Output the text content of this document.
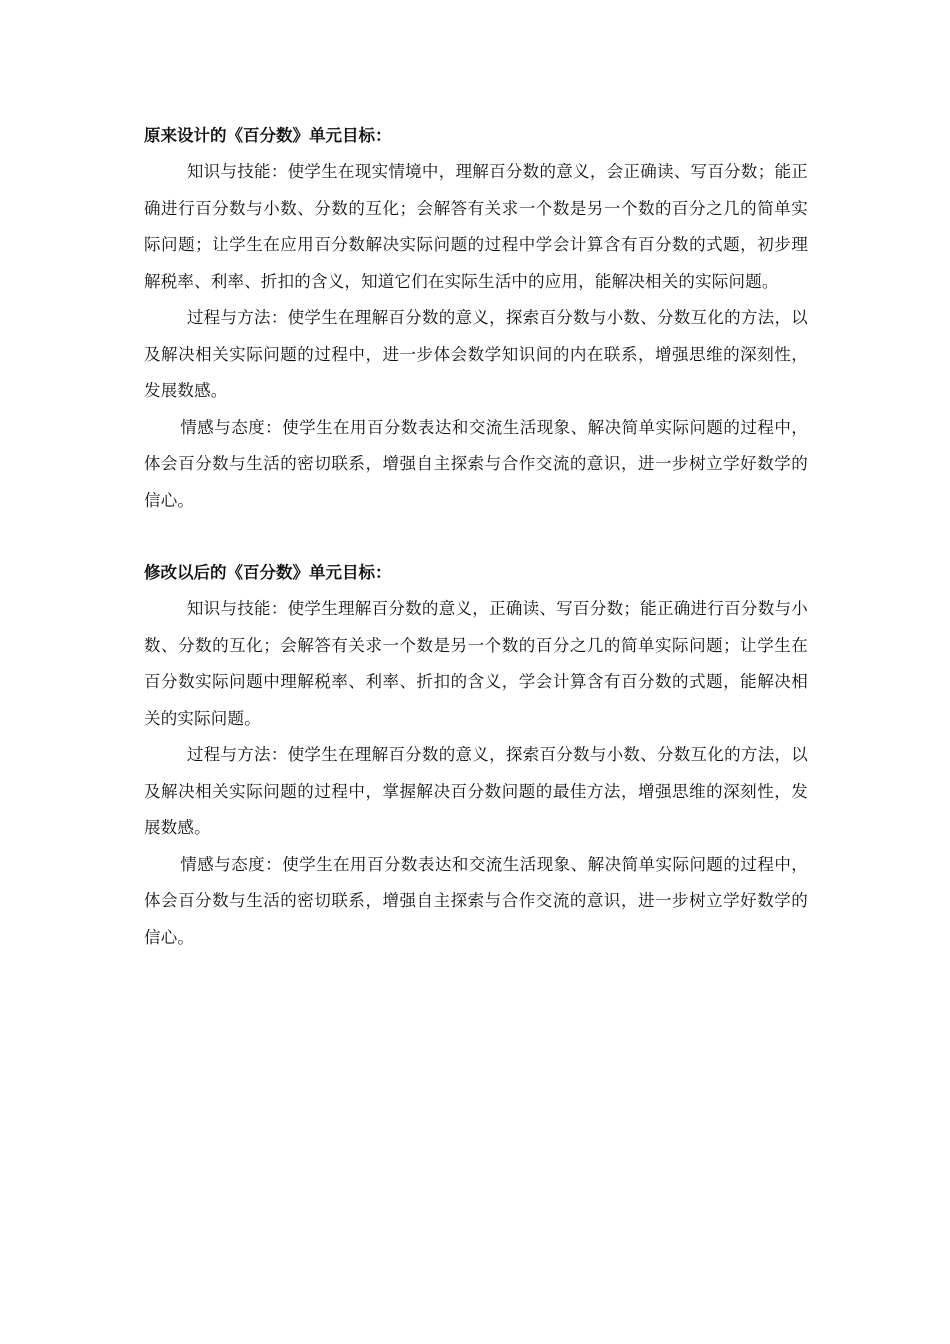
原来设计的《百分数》单元目标：

知识与技能：使学生在现实情境中，理解百分数的意义，会正确读、写百分数；能正确进行百分数与小数、分数的互化；会解答有关求一个数是另一个数的百分之几的简单实际问题；让学生在应用百分数解决实际问题的过程中学会计算含有百分数的式题，初步理解税率、利率、折扣的含义，知道它们在实际生活中的应用，能解决相关的实际问题。

过程与方法：使学生在理解百分数的意义，探索百分数与小数、分数互化的方法，以及解决相关实际问题的过程中，进一步体会数学知识间的内在联系，增强思维的深刻性，发展数感。

情感与态度：使学生在用百分数表达和交流生活现象、解决简单实际问题的过程中，体会百分数与生活的密切联系，增强自主探索与合作交流的意识，进一步树立学好数学的信心。

修改以后的《百分数》单元目标：

知识与技能：使学生理解百分数的意义，正确读、写百分数；能正确进行百分数与小数、分数的互化；会解答有关求一个数是另一个数的百分之几的简单实际问题；让学生在百分数实际问题中理解税率、利率、折扣的含义，学会计算含有百分数的式题，能解决相关的实际问题。

过程与方法：使学生在理解百分数的意义，探索百分数与小数、分数互化的方法，以及解决相关实际问题的过程中，掌握解决百分数问题的最佳方法，增强思维的深刻性，发展数感。

情感与态度：使学生在用百分数表达和交流生活现象、解决简单实际问题的过程中，体会百分数与生活的密切联系，增强自主探索与合作交流的意识，进一步树立学好数学的信心。
